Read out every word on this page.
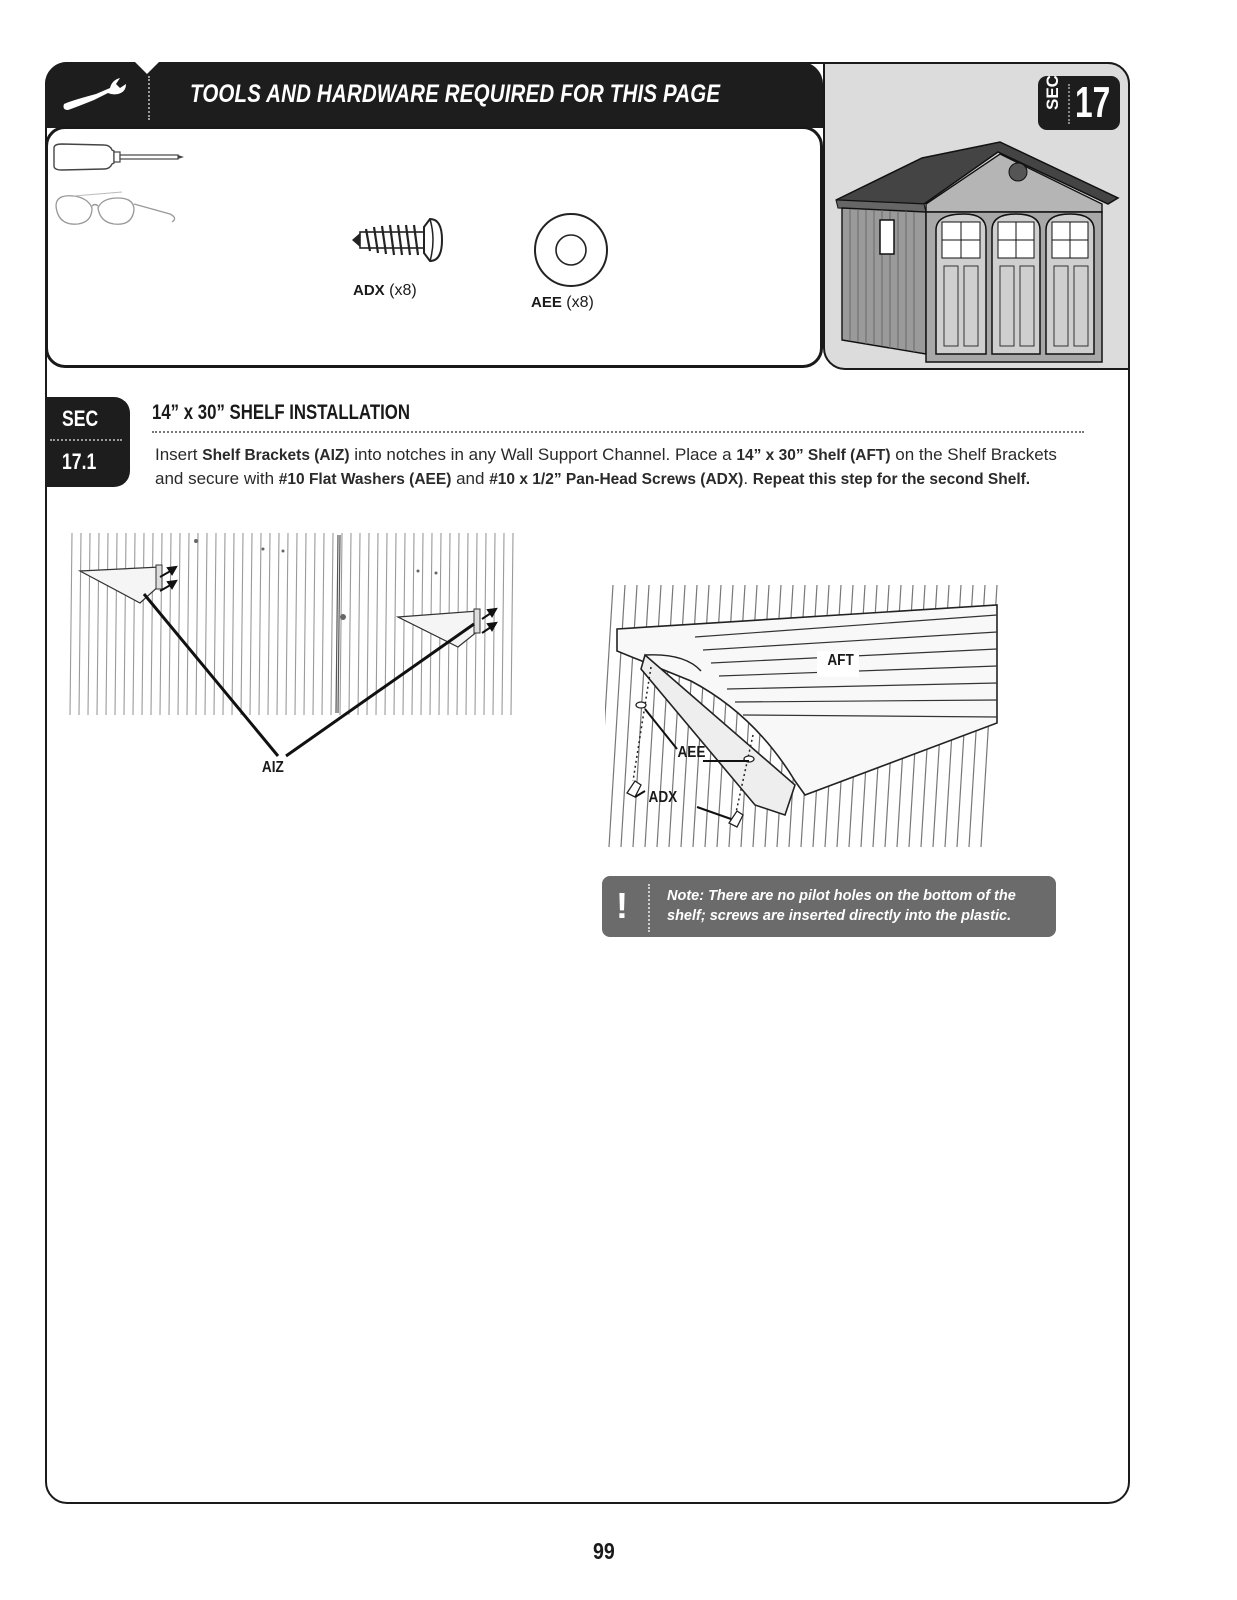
TOOLS AND HARDWARE REQUIRED FOR THIS PAGE
ADX (x8)
AEE (x8)
SEC 17
SEC
17.1
14” x 30” SHELF INSTALLATION
Insert Shelf Brackets (AIZ) into notches in any Wall Support Channel. Place a 14” x 30” Shelf (AFT) on the Shelf Brackets and secure with #10 Flat Washers (AEE) and #10 x 1/2” Pan-Head Screws (ADX). Repeat this step for the second Shelf.
AIZ
AFT
AEE
ADX
!	Note: There are no pilot holes on the bottom of the shelf; screws are inserted directly into the plastic.
99
